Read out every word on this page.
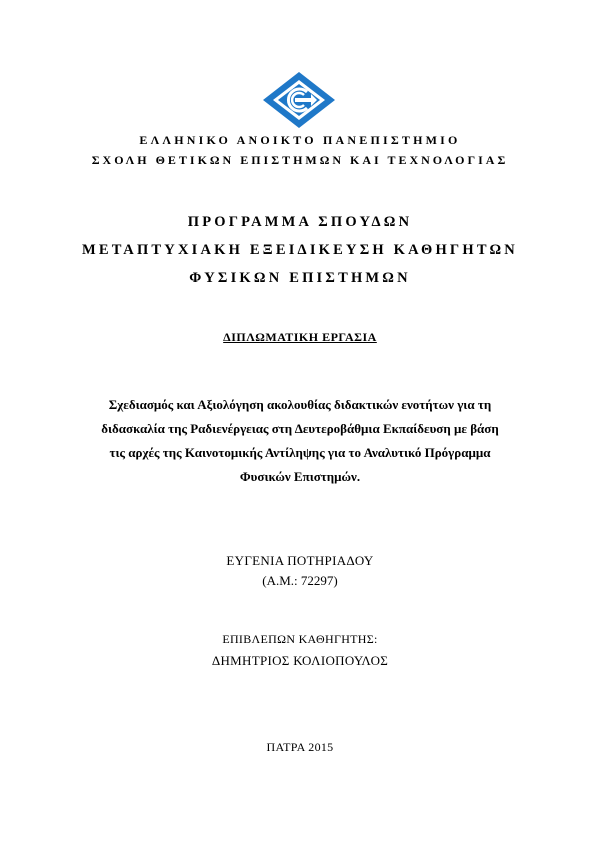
ΕΛΛΗΝΙΚΟ ΑΝΟΙΚΤΟ ΠΑΝΕΠΙΣΤΗΜΙΟ
ΣΧΟΛΗ ΘΕΤΙΚΩΝ ΕΠΙΣΤΗΜΩΝ ΚΑΙ ΤΕΧΝΟΛΟΓΙΑΣ
ΠΡΟΓΡΑΜΜΑ ΣΠΟΥΔΩΝ
ΜΕΤΑΠΤΥΧΙΑΚΗ ΕΞΕΙΔΙΚΕΥΣΗ ΚΑΘΗΓΗΤΩΝ
ΦΥΣΙΚΩΝ ΕΠΙΣΤΗΜΩΝ
ΔΙΠΛΩΜΑΤΙΚΗ ΕΡΓΑΣΙΑ
Σχεδιασμός και Αξιολόγηση ακολουθίας διδακτικών ενοτήτων για τη διδασκαλία της Ραδιενέργειας στη Δευτεροβάθμια Εκπαίδευση με βάση τις αρχές της Καινοτομικής Αντίληψης για το Αναλυτικό Πρόγραμμα Φυσικών Επιστημών.
ΕΥΓΕΝΙΑ ΠΟΤΗΡΙΑΔΟΥ
(Α.Μ.: 72297)
ΕΠΙΒΛΕΠΩΝ ΚΑΘΗΓΗΤΗΣ:
ΔΗΜΗΤΡΙΟΣ ΚΟΛΙΟΠΟΥΛΟΣ
ΠΑΤΡΑ 2015
